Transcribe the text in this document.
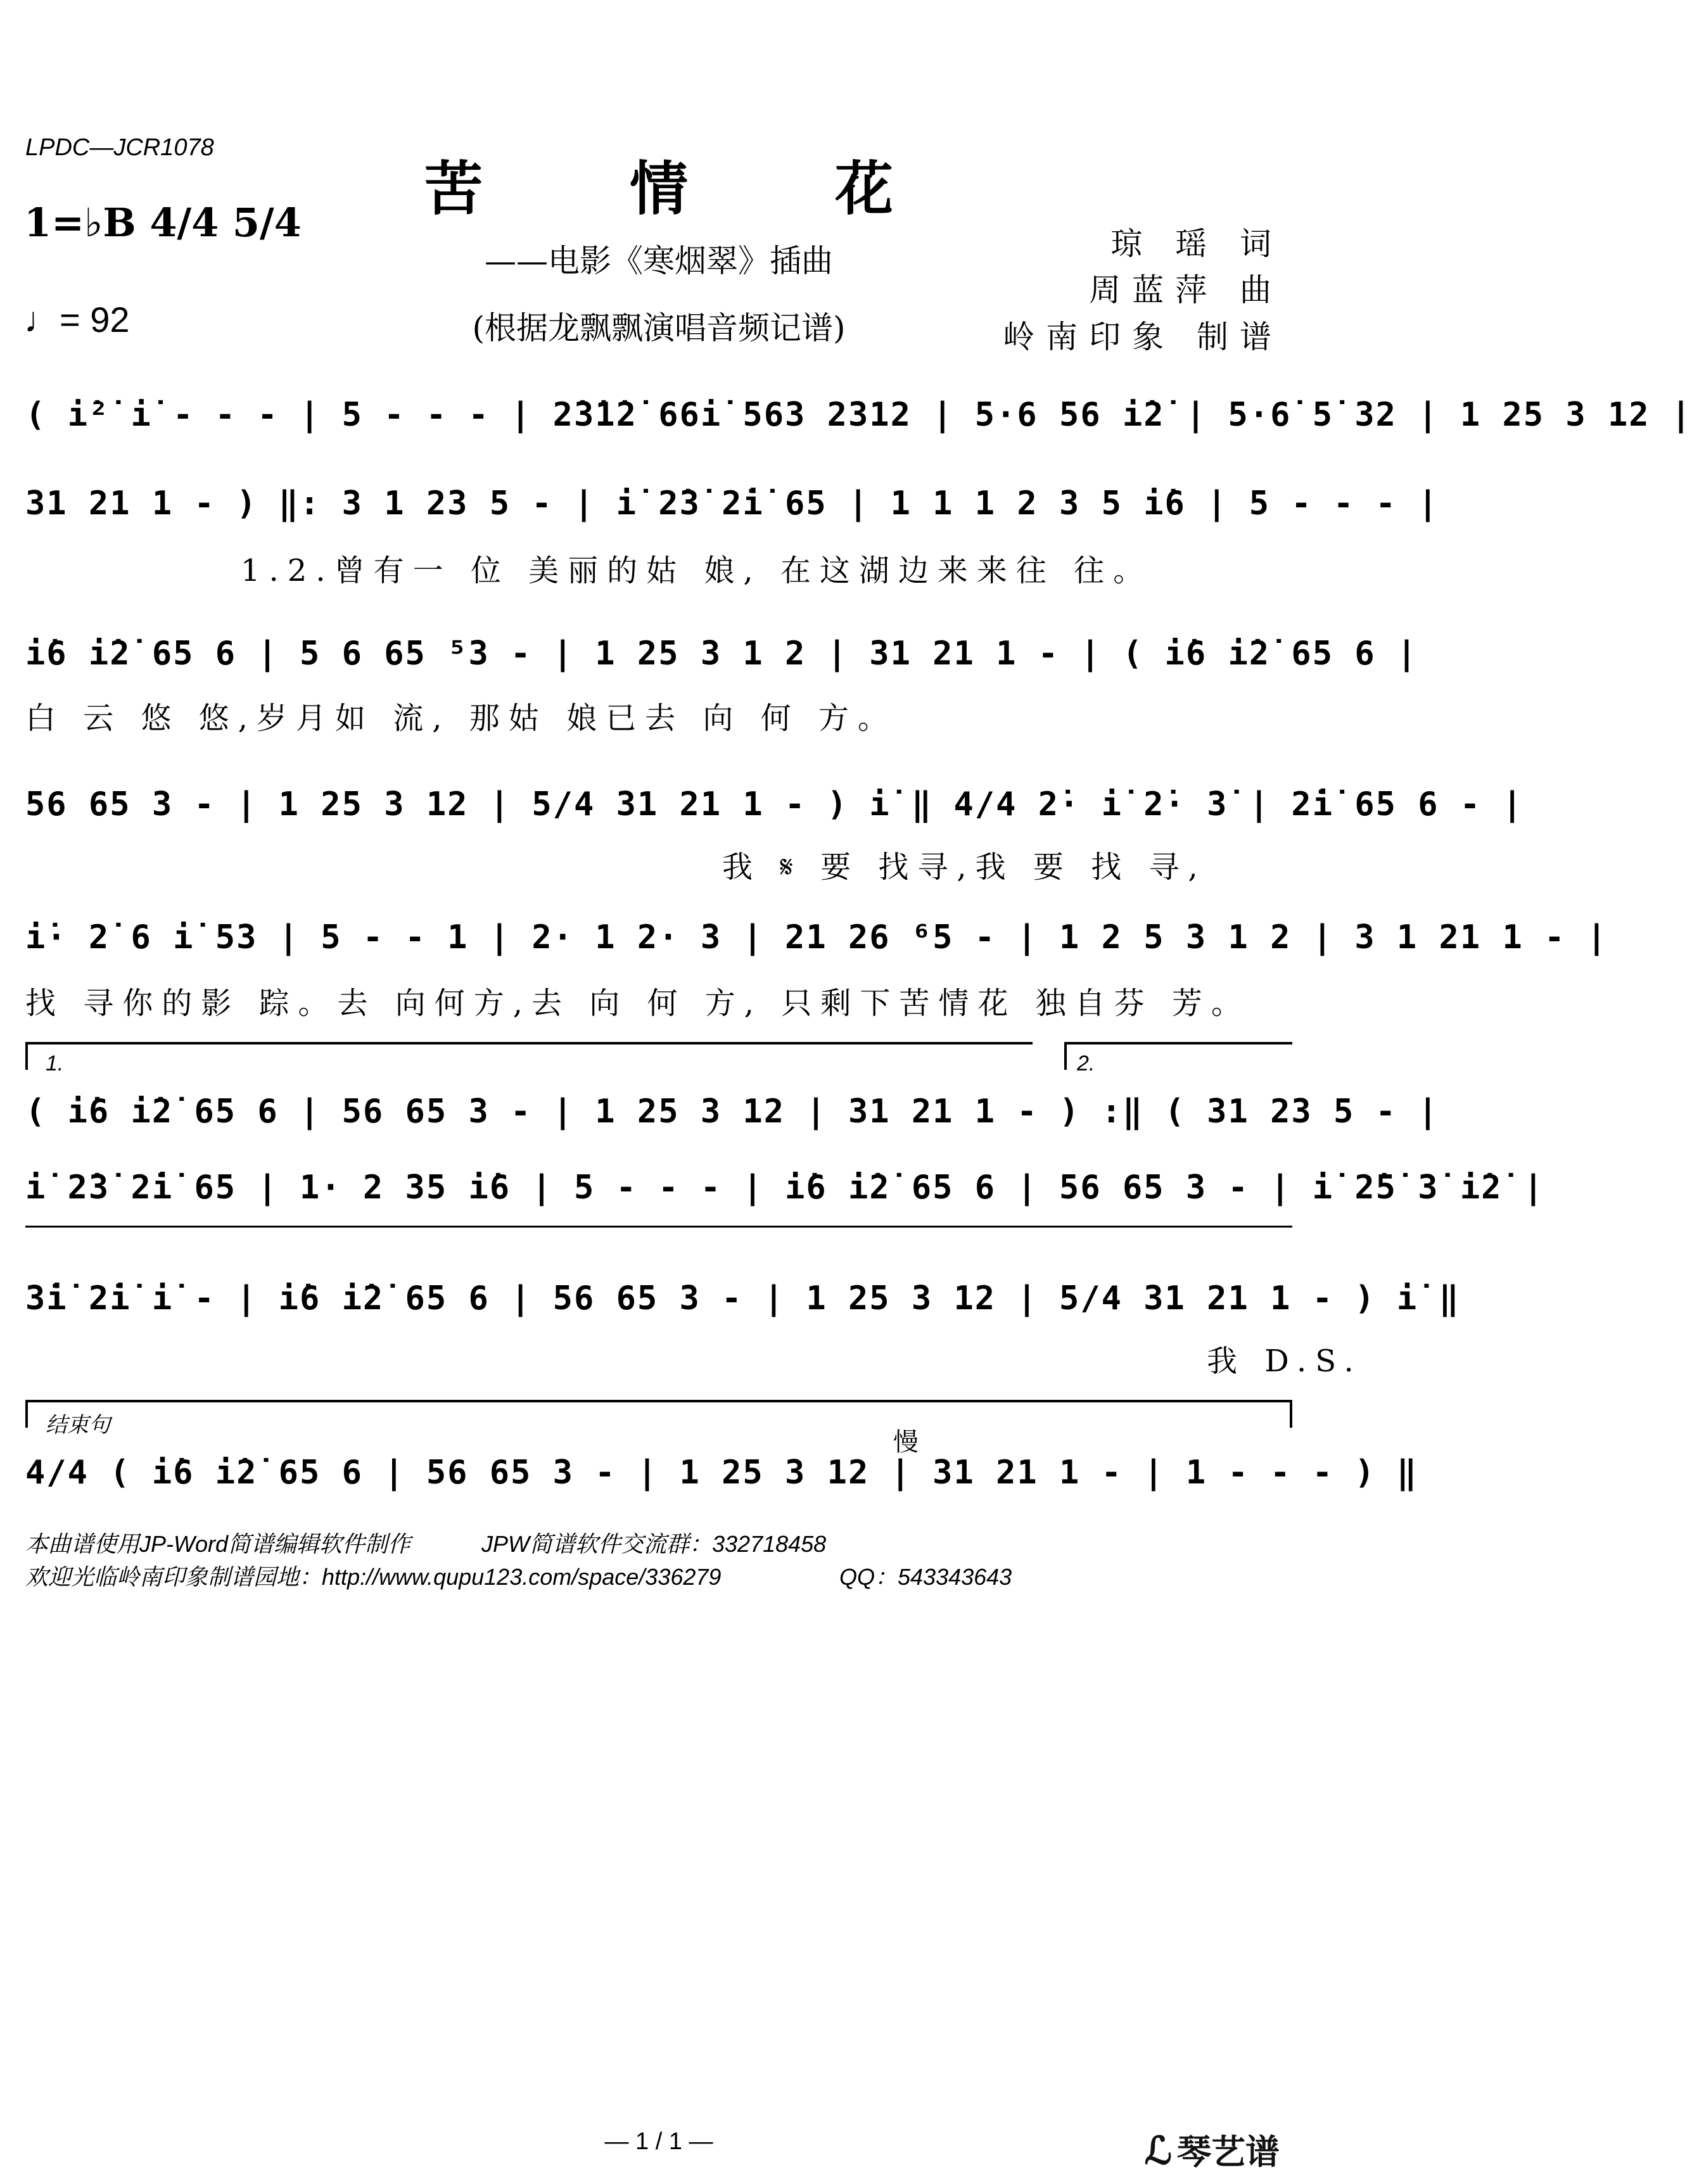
LPDC—JCR1078
苦 情 花
——电影《寒烟翠》插曲
(根据龙飘飘演唱音频记谱)
1=♭B 4/4 5/4
♩= 92
琼 瑶 词
周蓝萍 曲
岭南印象 制谱
( i̇²̇ i̇ - - - | 5 - - - | 2̇3̇1̇2̇ 66i̇ 563 2312 | 5·6 56 i̇2̇ | 5·6̇ 5̇ 32 | 1 25 3 12 |
31 21 1 - ) ‖: 3 1 23 5 - | i̇ 2̇3̇ 2̇i̇ 65 | 1 1 1 2 3 5 i̇6 | 5 - - - |
1.2.曾有一 位 美丽的姑 娘, 在这湖边来来往 往。
i̇6 i̇2̇ 65 6 | 5 6 65 ⁵3 - | 1 25 3 1 2 | 31 21 1 - | ( i̇6 i̇2̇ 65 6 |
白 云 悠 悠,岁月如 流, 那姑 娘已去 向 何 方。
56 65 3 - | 1 25 3 12 | 5/4 31 21 1 - ) i̇ ‖ 4/4 2̇· i̇ 2̇· 3̇ | 2̇i̇ 65 6 - |
我 𝄋 要 找寻,我 要 找 寻,
i̇· 2̇ 6 i̇ 53 | 5 - - 1 | 2· 1 2· 3 | 21 26 ⁶5 - | 1 2 5 3 1 2 | 3 1 21 1 - |
找 寻你的影 踪。去 向何方,去 向 何 方, 只剩下苦情花 独自芬 芳。
1.	2.
( i̇6 i̇2̇ 65 6 | 56 65 3 - | 1 25 3 12 | 31 21 1 - ) :‖ ( 31 23 5 - |
i̇ 2̇3̇ 2̇i̇ 65 | 1· 2 35 i̇6 | 5 - - - | i̇6 i̇2̇ 65 6 | 56 65 3 - | i̇ 2̇5̇ 3̇ i̇2̇ |
3̇i̇ 2̇i̇ i̇ - | i̇6 i̇2̇ 65 6 | 56 65 3 - | 1 25 3 12 | 5/4 31 21 1 - ) i̇ ‖
我 D.S.
结束句
慢
4/4 ( i̇6 i̇2̇ 65 6 | 56 65 3 - | 1 25 3 12 | 31 21 1 - | 1 - - - ) ‖
本曲谱使用JP-Word简谱编辑软件制作	JPW简谱软件交流群：332718458
欢迎光临岭南印象制谱园地：http://www.qupu123.com/space/336279	QQ：543343643
— 1 / 1 —	ℒ 琴艺谱
